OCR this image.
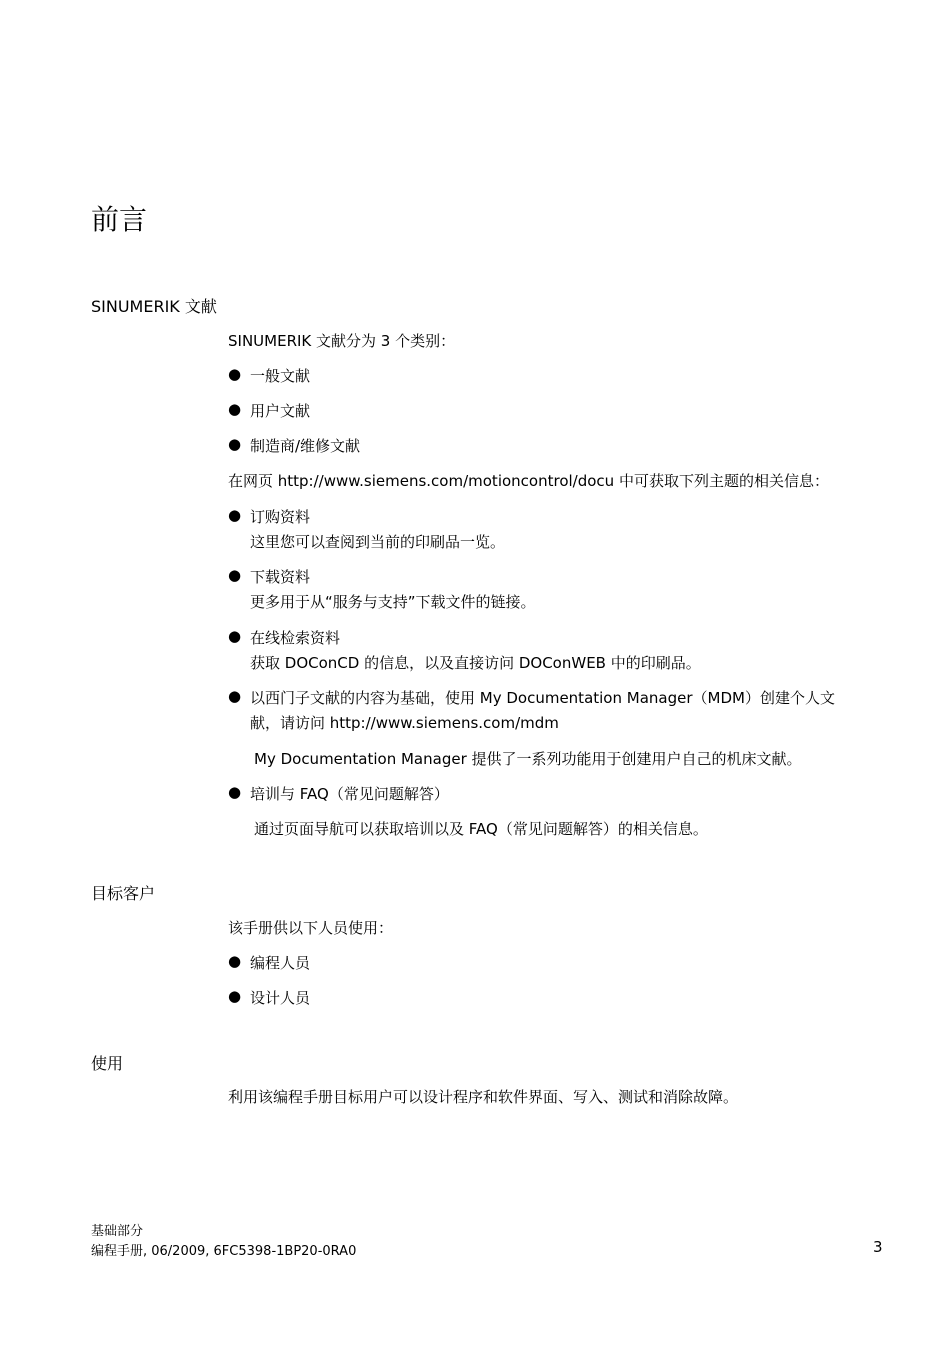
前言
SINUMERIK 文献
SINUMERIK 文献分为 3 个类别：
● 一般文献
● 用户文献
● 制造商/维修文献
在网页 http://www.siemens.com/motioncontrol/docu 中可获取下列主题的相关信息：
● 订购资料
这里您可以查阅到当前的印刷品一览。
● 下载资料
更多用于从“服务与支持”下载文件的链接。
● 在线检索资料
获取 DOConCD 的信息，以及直接访问 DOConWEB 中的印刷品。
● 以西门子文献的内容为基础，使用 My Documentation Manager（MDM）创建个人文
献，请访问 http://www.siemens.com/mdm
My Documentation Manager 提供了一系列功能用于创建用户自己的机床文献。
● 培训与 FAQ（常见问题解答）
通过页面导航可以获取培训以及 FAQ（常见问题解答）的相关信息。
目标客户
该手册供以下人员使用：
● 编程人员
● 设计人员
使用
利用该编程手册目标用户可以设计程序和软件界面、写入、测试和消除故障。
基础部分
编程手册, 06/2009, 6FC5398-1BP20-0RA0	3
